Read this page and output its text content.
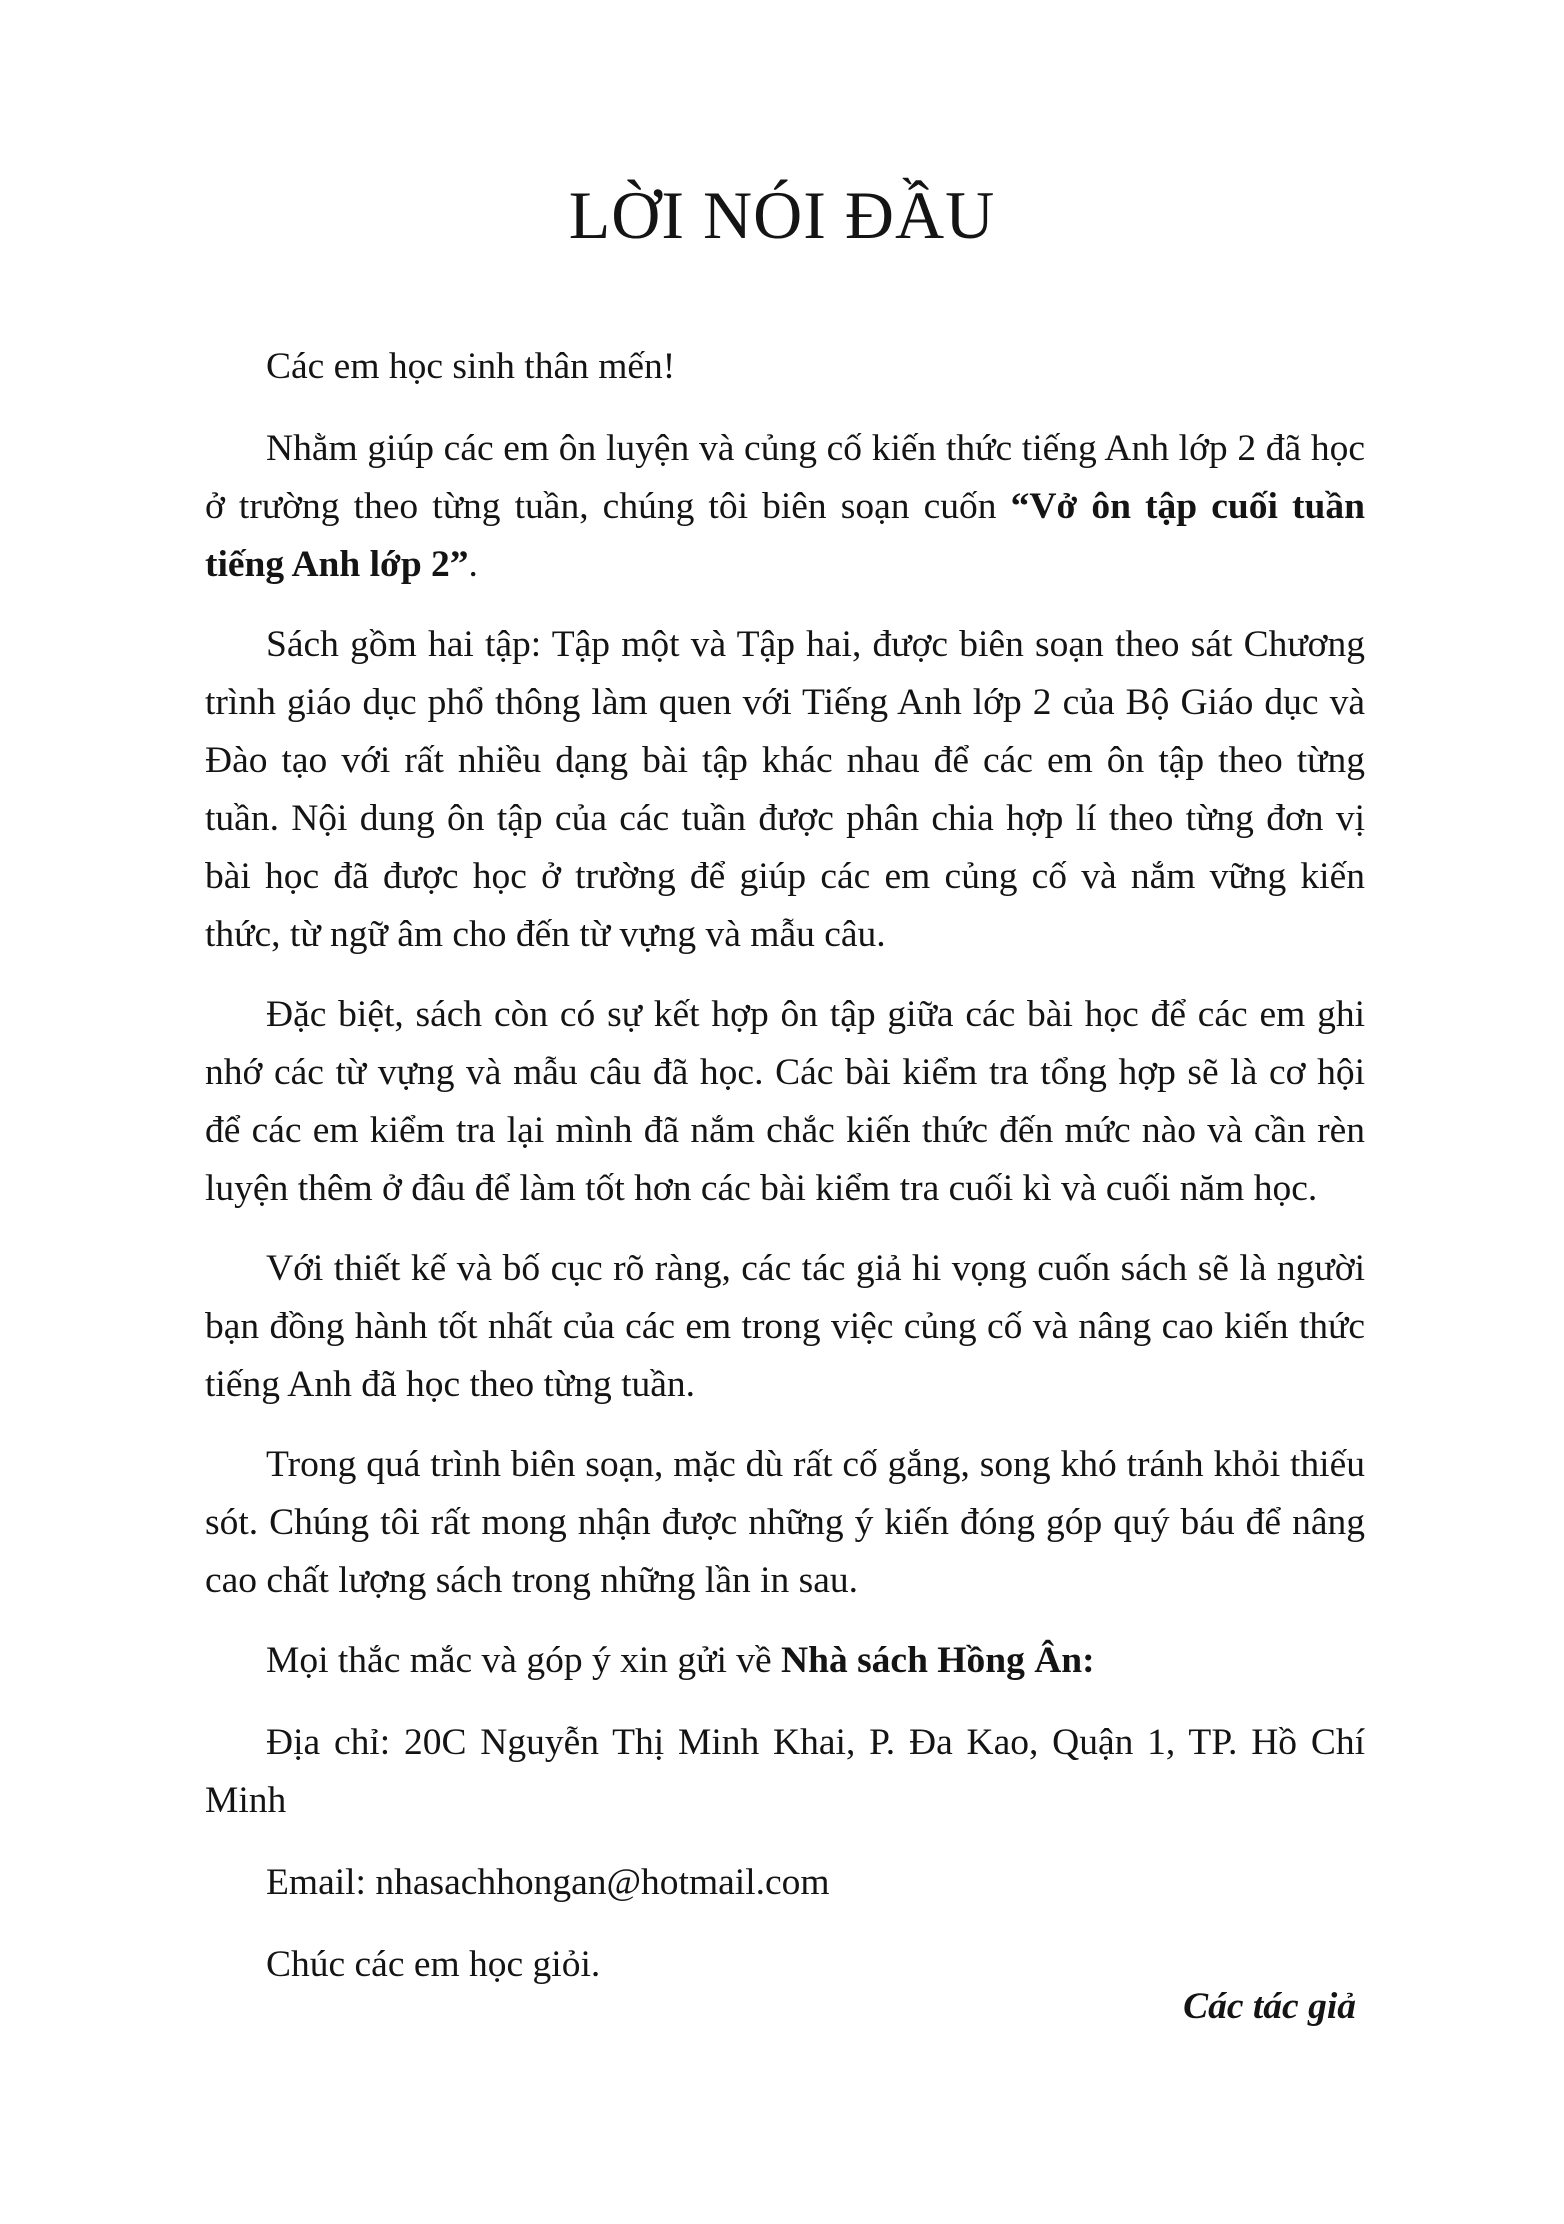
LỜI NÓI ĐẦU

Các em học sinh thân mến!

Nhằm giúp các em ôn luyện và củng cố kiến thức tiếng Anh lớp 2 đã học ở trường theo từng tuần, chúng tôi biên soạn cuốn “Vở ôn tập cuối tuần tiếng Anh lớp 2”.

Sách gồm hai tập: Tập một và Tập hai, được biên soạn theo sát Chương trình giáo dục phổ thông làm quen với Tiếng Anh lớp 2 của Bộ Giáo dục và Đào tạo với rất nhiều dạng bài tập khác nhau để các em ôn tập theo từng tuần. Nội dung ôn tập của các tuần được phân chia hợp lí theo từng đơn vị bài học đã được học ở trường để giúp các em củng cố và nắm vững kiến thức, từ ngữ âm cho đến từ vựng và mẫu câu.

Đặc biệt, sách còn có sự kết hợp ôn tập giữa các bài học để các em ghi nhớ các từ vựng và mẫu câu đã học. Các bài kiểm tra tổng hợp sẽ là cơ hội để các em kiểm tra lại mình đã nắm chắc kiến thức đến mức nào và cần rèn luyện thêm ở đâu để làm tốt hơn các bài kiểm tra cuối kì và cuối năm học.

Với thiết kế và bố cục rõ ràng, các tác giả hi vọng cuốn sách sẽ là người bạn đồng hành tốt nhất của các em trong việc củng cố và nâng cao kiến thức tiếng Anh đã học theo từng tuần.

Trong quá trình biên soạn, mặc dù rất cố gắng, song khó tránh khỏi thiếu sót. Chúng tôi rất mong nhận được những ý kiến đóng góp quý báu để nâng cao chất lượng sách trong những lần in sau.

Mọi thắc mắc và góp ý xin gửi về Nhà sách Hồng Ân:

Địa chỉ: 20C Nguyễn Thị Minh Khai, P. Đa Kao, Quận 1, TP. Hồ Chí Minh

Email: nhasachhongan@hotmail.com

Chúc các em học giỏi.

Các tác giả
